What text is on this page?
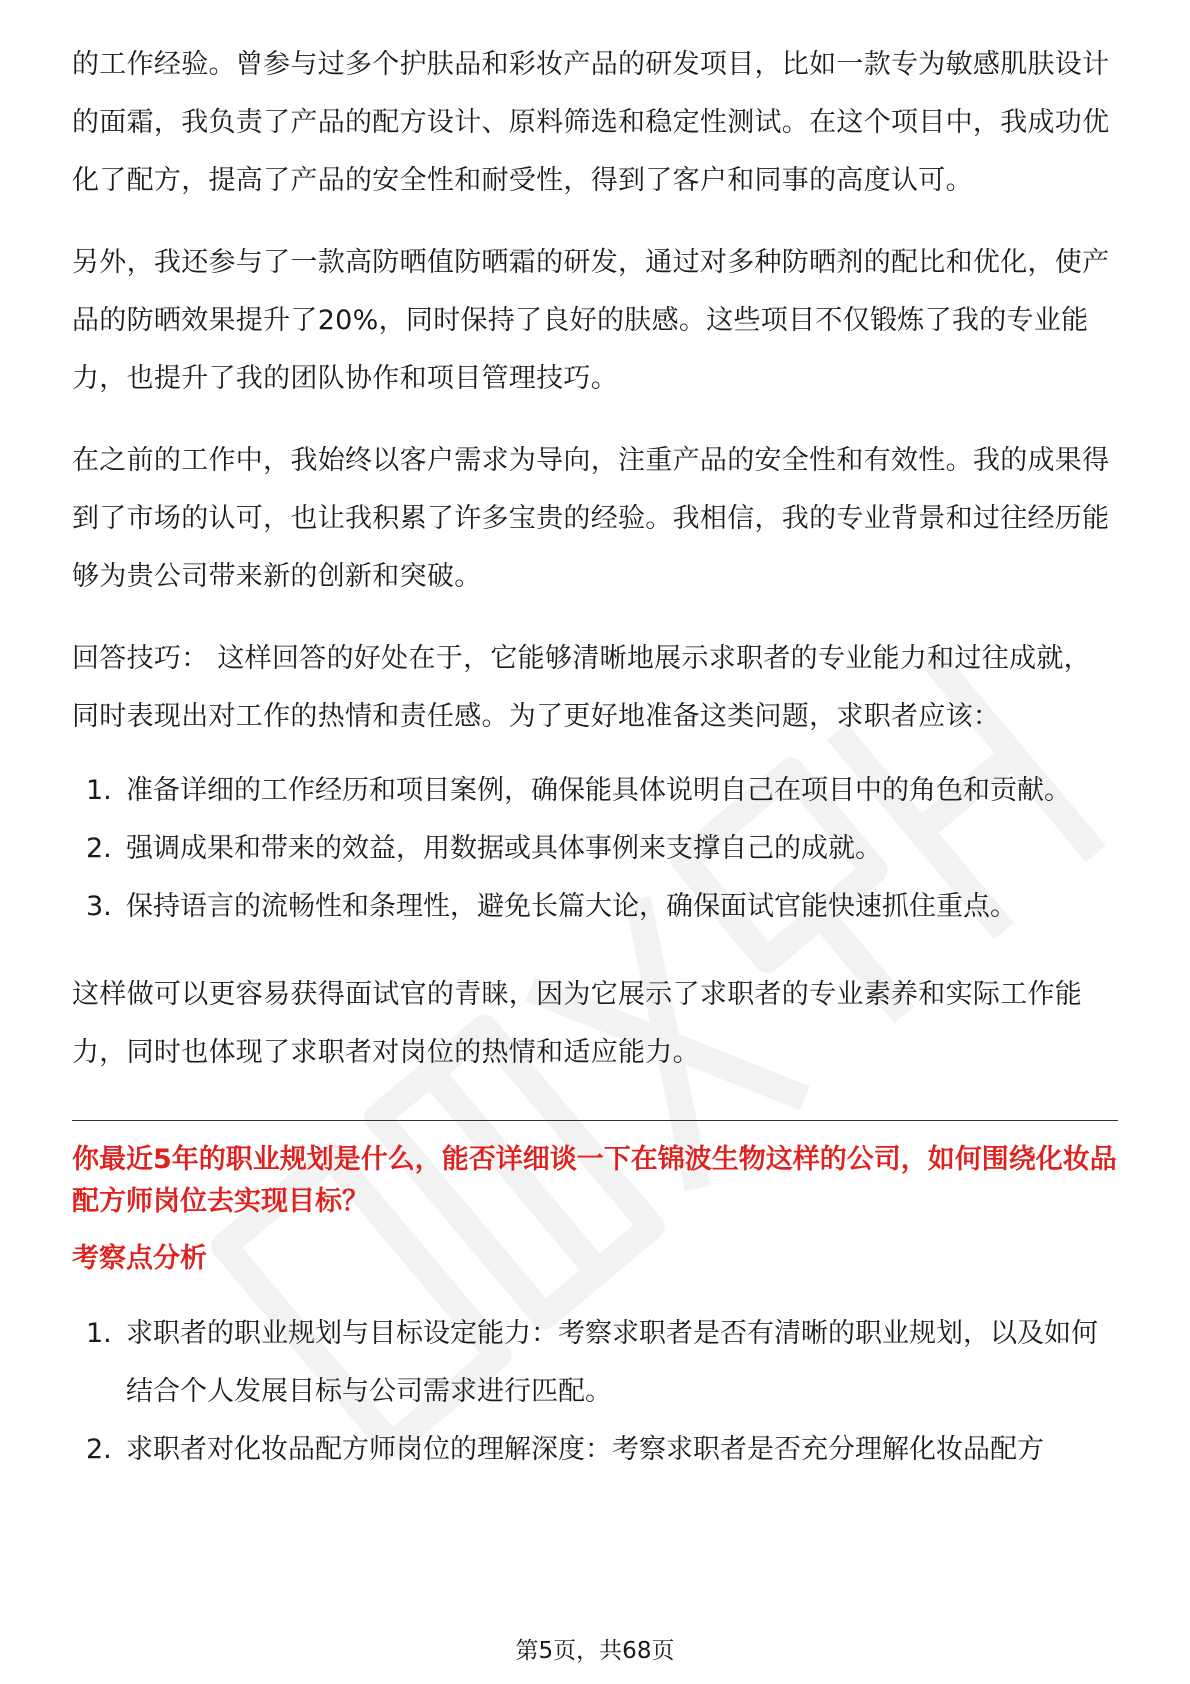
的工作经验。曾参与过多个护肤品和彩妆产品的研发项目，比如一款专为敏感肌肤设计的面霜，我负责了产品的配方设计、原料筛选和稳定性测试。在这个项目中，我成功优化了配方，提高了产品的安全性和耐受性，得到了客户和同事的高度认可。

另外，我还参与了一款高防晒值防晒霜的研发，通过对多种防晒剂的配比和优化，使产品的防晒效果提升了20%，同时保持了良好的肤感。这些项目不仅锻炼了我的专业能力，也提升了我的团队协作和项目管理技巧。

在之前的工作中，我始终以客户需求为导向，注重产品的安全性和有效性。我的成果得到了市场的认可，也让我积累了许多宝贵的经验。我相信，我的专业背景和过往经历能够为贵公司带来新的创新和突破。

回答技巧： 这样回答的好处在于，它能够清晰地展示求职者的专业能力和过往成就，同时表现出对工作的热情和责任感。为了更好地准备这类问题，求职者应该：

1. 准备详细的工作经历和项目案例，确保能具体说明自己在项目中的角色和贡献。
2. 强调成果和带来的效益，用数据或具体事例来支撑自己的成就。
3. 保持语言的流畅性和条理性，避免长篇大论，确保面试官能快速抓住重点。

这样做可以更容易获得面试官的青睐，因为它展示了求职者的专业素养和实际工作能力，同时也体现了求职者对岗位的热情和适应能力。

你最近5年的职业规划是什么，能否详细谈一下在锦波生物这样的公司，如何围绕化妆品配方师岗位去实现目标？

考察点分析

1. 求职者的职业规划与目标设定能力：考察求职者是否有清晰的职业规划，以及如何结合个人发展目标与公司需求进行匹配。
2. 求职者对化妆品配方师岗位的理解深度：考察求职者是否充分理解化妆品配方
第5页，共68页
